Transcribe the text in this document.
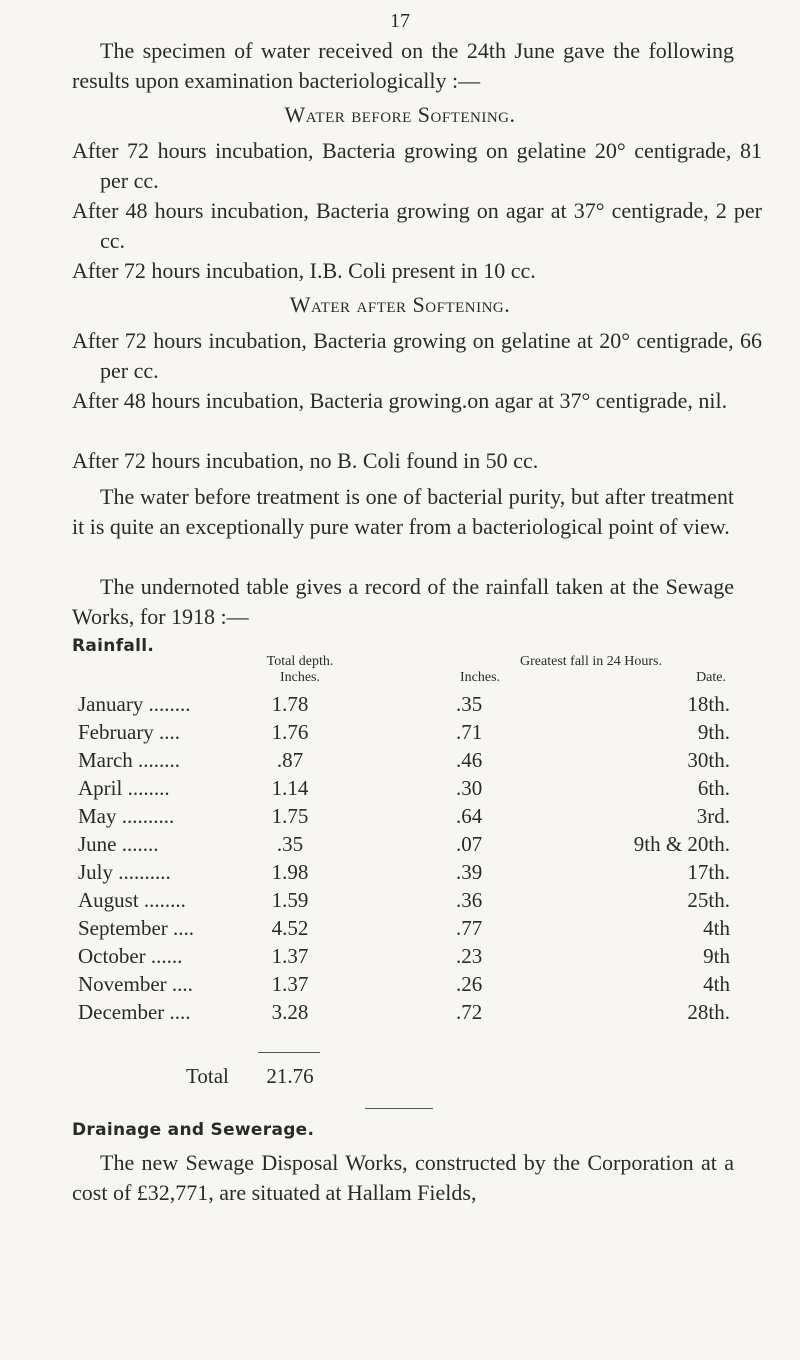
17
The specimen of water received on the 24th June gave the following results upon examination bacteriologically :—
Water before Softening.
After 72 hours incubation, Bacteria growing on gelatine 20° centigrade, 81 per cc.
After 48 hours incubation, Bacteria growing on agar at 37° centigrade, 2 per cc.
After 72 hours incubation, I.B. Coli present in 10 cc.
Water after Softening.
After 72 hours incubation, Bacteria growing on gelatine at 20° centigrade, 66 per cc.
After 48 hours incubation, Bacteria growing.on agar at 37° centigrade, nil.
After 72 hours incubation, no B. Coli found in 50 cc.
The water before treatment is one of bacterial purity, but after treatment it is quite an exceptionally pure water from a bacteriological point of view.
The undernoted table gives a record of the rainfall taken at the Sewage Works, for 1918 :—
Rainfall.
Total depth.
Inches.
Greatest fall in 24 Hours.
Inches.	Date.
January ........	1.78	.35	18th.
February ....	1.76	.71	9th.
March ........	.87	.46	30th.
April ........	1.14	.30	6th.
May ..........	1.75	.64	3rd.
June .......	.35	.07	9th & 20th.
July ..........	1.98	.39	17th.
August ........	1.59	.36	25th.
September ....	4.52	.77	4th
October ......	1.37	.23	9th
November ....	1.37	.26	4th
December ....	3.28	.72	28th.
Total	21.76
Drainage and Sewerage.
The new Sewage Disposal Works, constructed by the Corporation at a cost of £32,771, are situated at Hallam Fields,
